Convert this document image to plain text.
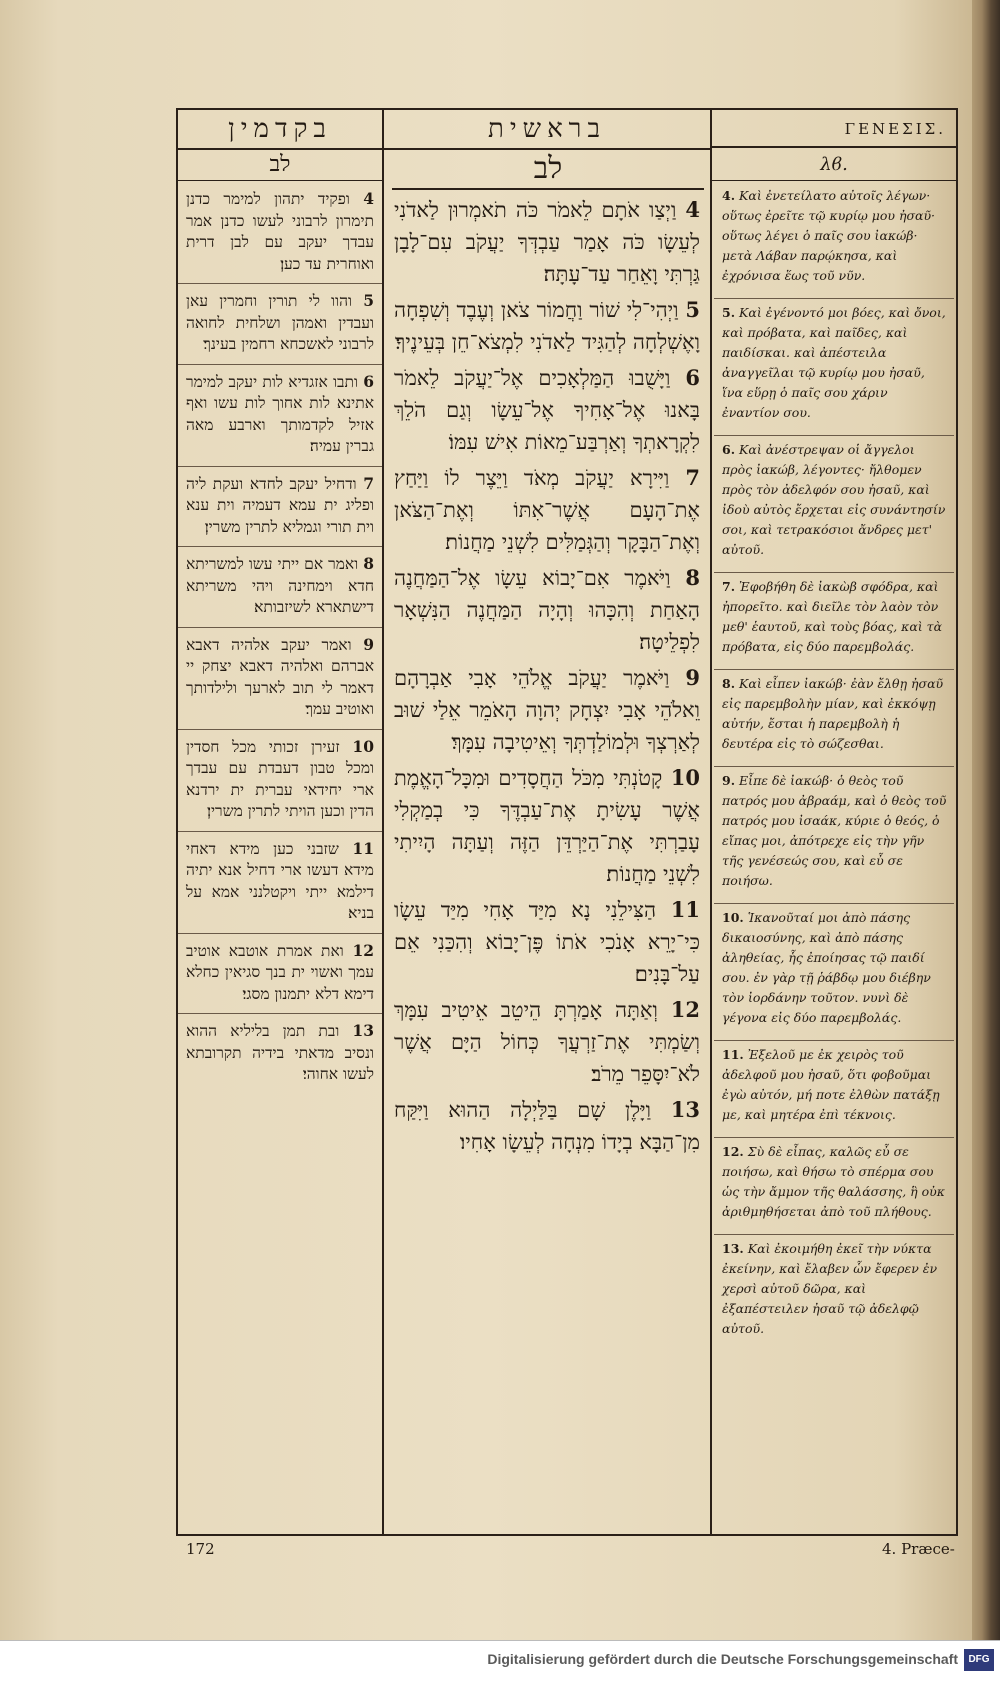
בקדמין	בראשית	ΓΕΝΕΣΙΣ.
לב	לב	λϐ.
4 ופקיד יתהון למימר כדנן תימרון לרבוני לעשו כדנן אמר עבדך יעקב עם לבן דרית ואוחרית עד כען׃
5 והוו לי תורין וחמרין עאן ועבדין ואמהן ושלחית לחואה לרבוני לאשכחא רחמין בעינך׃
6 ותבו אזגדיא לות יעקב למימר אתינא לות אחוך לות עשו ואף אזיל לקדמותך וארבע מאה גברין עמיה׃
7 ודחיל יעקב לחדא ועקת ליה ופליג ית עמא דעמיה וית ענא וית תורי וגמליא לתרין משרין׃
8 ואמר אם ייתי עשו למשריתא חדא וימחינה ויהי משריתא דישתארא לשיזבותא׃
9 ואמר יעקב אלהיה דאבא אברהם ואלהיה דאבא יצחק יי דאמר לי תוב לארעך ולילדותך ואוטיב עמך׃
10 זעירן זכותי מכל חסדין ומכל טבון דעבדת עם עבדך ארי יחידאי עברית ית ירדנא הדין וכען הויתי לתרין משרין׃
11 שזבני כען מידא דאחי מידא דעשו ארי דחיל אנא יתיה דילמא ייתי ויקטלנני אמא על בניא׃
12 ואת אמרת אוטבא אוטיב עמך ואשוי ית בנך סגיאין כחלא דימא דלא יתמנון מסגי׃
13 ובת תמן בליליא ההוא ונסיב מדאתי בידיה תקרובתא לעשו אחוהי׃
4 וַיְצַו אֹתָם לֵאמֹר כֹּה תֹאמְרוּן לַאדֹנִי לְעֵשָׂו כֹּה אָמַר עַבְדְּךָ יַעֲקֹב עִם־לָבָן גַּרְתִּי וָאֵחַר עַד־עָתָּה׃
5 וַיְהִי־לִי שׁוֹר וַחֲמוֹר צֹאן וְעֶבֶד וְשִׁפְחָה וָאֶשְׁלְחָה לְהַגִּיד לַאדֹנִי לִמְצֹא־חֵן בְּעֵינֶיךָ׃
6 וַיָּשֻׁבוּ הַמַּלְאָכִים אֶל־יַעֲקֹב לֵאמֹר בָּאנוּ אֶל־אָחִיךָ אֶל־עֵשָׂו וְגַם הֹלֵךְ לִקְרָאתְךָ וְאַרְבַּע־מֵאוֹת אִישׁ עִמּוֹ׃
7 וַיִּירָא יַעֲקֹב מְאֹד וַיֵּצֶר לוֹ וַיַּחַץ אֶת־הָעָם אֲשֶׁר־אִתּוֹ וְאֶת־הַצֹּאן וְאֶת־הַבָּקָר וְהַגְּמַלִּים לִשְׁנֵי מַחֲנוֹת׃
8 וַיֹּאמֶר אִם־יָבוֹא עֵשָׂו אֶל־הַמַּחֲנֶה הָאַחַת וְהִכָּהוּ וְהָיָה הַמַּחֲנֶה הַנִּשְׁאָר לִפְלֵיטָה׃
9 וַיֹּאמֶר יַעֲקֹב אֱלֹהֵי אָבִי אַבְרָהָם וֵאלֹהֵי אָבִי יִצְחָק יְהוָה הָאֹמֵר אֵלַי שׁוּב לְאַרְצְךָ וּלְמוֹלַדְתְּךָ וְאֵיטִיבָה עִמָּךְ׃
10 קָטֹנְתִּי מִכֹּל הַחֲסָדִים וּמִכָּל־הָאֱמֶת אֲשֶׁר עָשִׂיתָ אֶת־עַבְדֶּךָ כִּי בְמַקְלִי עָבַרְתִּי אֶת־הַיַּרְדֵּן הַזֶּה וְעַתָּה הָיִיתִי לִשְׁנֵי מַחֲנוֹת׃
11 הַצִּילֵנִי נָא מִיַּד אָחִי מִיַּד עֵשָׂו כִּי־יָרֵא אָנֹכִי אֹתוֹ פֶּן־יָבוֹא וְהִכַּנִי אֵם עַל־בָּנִים׃
12 וְאַתָּה אָמַרְתָּ הֵיטֵב אֵיטִיב עִמָּךְ וְשַׂמְתִּי אֶת־זַרְעֲךָ כְּחוֹל הַיָּם אֲשֶׁר לֹא־יִסָּפֵר מֵרֹב׃
13 וַיָּלֶן שָׁם בַּלַּיְלָה הַהוּא וַיִּקַּח מִן־הַבָּא בְיָדוֹ מִנְחָה לְעֵשָׂו אָחִיו׃
4. Καὶ ἐνετείλατο αὐτοῖς λέγων· οὕτως ἐρεῖτε τῷ κυρίῳ μου ἠσαῦ· οὕτως λέγει ὁ παῖς σου ἰακώβ· μετὰ Λάβαν παρῴκησα, καὶ ἐχρόνισα ἕως τοῦ νῦν.
5. Καὶ ἐγένοντό μοι βόες, καὶ ὄνοι, καὶ πρόβατα, καὶ παῖδες, καὶ παιδίσκαι. καὶ ἀπέστειλα ἀναγγεῖλαι τῷ κυρίῳ μου ἠσαῦ, ἵνα εὕρῃ ὁ παῖς σου χάριν ἐναντίον σου.
6. Καὶ ἀνέστρεψαν οἱ ἄγγελοι πρὸς ἰακώβ, λέγοντες· ἤλθομεν πρὸς τὸν ἀδελφόν σου ἠσαῦ, καὶ ἰδοὺ αὐτὸς ἔρχεται εἰς συνάντησίν σοι, καὶ τετρακόσιοι ἄνδρες μετ' αὐτοῦ.
7. Ἐφοβήθη δὲ ἰακὼβ σφόδρα, καὶ ἠπορεῖτο. καὶ διεῖλε τὸν λαὸν τὸν μεθ' ἑαυτοῦ, καὶ τοὺς βόας, καὶ τὰ πρόβατα, εἰς δύο παρεμβολάς.
8. Καὶ εἶπεν ἰακώβ· ἐὰν ἔλθῃ ἠσαῦ εἰς παρεμβολὴν μίαν, καὶ ἐκκόψῃ αὐτήν, ἔσται ἡ παρεμβολὴ ἡ δευτέρα εἰς τὸ σώζεσθαι.
9. Εἶπε δὲ ἰακώβ· ὁ θεὸς τοῦ πατρός μου ἀβραάμ, καὶ ὁ θεὸς τοῦ πατρός μου ἰσαάκ, κύριε ὁ θεός, ὁ εἴπας μοι, ἀπότρεχε εἰς τὴν γῆν τῆς γενέσεώς σου, καὶ εὖ σε ποιήσω.
10. Ἱκανοῦταί μοι ἀπὸ πάσης δικαιοσύνης, καὶ ἀπὸ πάσης ἀληθείας, ἧς ἐποίησας τῷ παιδί σου. ἐν γὰρ τῇ ῥάβδῳ μου διέβην τὸν ἰορδάνην τοῦτον. νυνὶ δὲ γέγονα εἰς δύο παρεμβολάς.
11. Ἐξελοῦ με ἐκ χειρὸς τοῦ ἀδελφοῦ μου ἠσαῦ, ὅτι φοβοῦμαι ἐγὼ αὐτόν, μή ποτε ἐλθὼν πατάξῃ με, καὶ μητέρα ἐπὶ τέκνοις.
12. Σὺ δὲ εἶπας, καλῶς εὖ σε ποιήσω, καὶ θήσω τὸ σπέρμα σου ὡς τὴν ἄμμον τῆς θαλάσσης, ἣ οὐκ ἀριθμηθήσεται ἀπὸ τοῦ πλήθους.
13. Καὶ ἐκοιμήθη ἐκεῖ τὴν νύκτα ἐκείνην, καὶ ἔλαβεν ὧν ἔφερεν ἐν χερσὶ αὐτοῦ δῶρα, καὶ ἐξαπέστειλεν ἠσαῦ τῷ ἀδελφῷ αὐτοῦ.
172	4. Præce-
Digitalisierung gefördert durch die Deutsche Forschungsgemeinschaft	DFG
